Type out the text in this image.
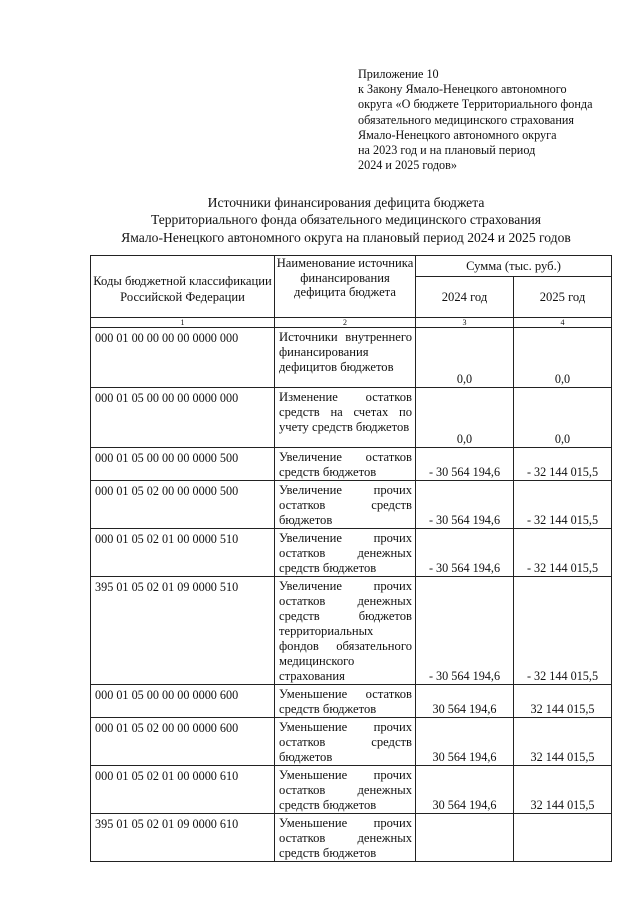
Приложение 10
к Закону Ямало-Ненецкого автономного
округа «О бюджете Территориального фонда
обязательного медицинского страхования
Ямало-Ненецкого автономного округа
на 2023 год и на плановый период
2024 и 2025 годов»
Источники финансирования дефицита бюджета
Территориального фонда обязательного медицинского страхования
Ямало-Ненецкого автономного округа на плановый период 2024 и 2025 годов
Коды бюджетной классификации Российской Федерации	Наименование источника финансирования дефицита бюджета	Сумма (тыс. руб.)	
		2024 год	2025 год
1	2	3	4
000 01 00 00 00 00 0000 000	Источники внутреннего финансирования дефицитов бюджетов	0,0	0,0
000 01 05 00 00 00 0000 000	Изменение остатков средств на счетах по учету средств бюджетов	0,0	0,0
000 01 05 00 00 00 0000 500	Увеличение остатков средств бюджетов	- 30 564 194,6	- 32 144 015,5
000 01 05 02 00 00 0000 500	Увеличение прочих остатков средств бюджетов	- 30 564 194,6	- 32 144 015,5
000 01 05 02 01 00 0000 510	Увеличение прочих остатков денежных средств бюджетов	- 30 564 194,6	- 32 144 015,5
395 01 05 02 01 09 0000 510	Увеличение прочих остатков денежных средств бюджетов территориальных фондов обязательного медицинского страхования	- 30 564 194,6	- 32 144 015,5
000 01 05 00 00 00 0000 600	Уменьшение остатков средств бюджетов	30 564 194,6	32 144 015,5
000 01 05 02 00 00 0000 600	Уменьшение прочих остатков средств бюджетов	30 564 194,6	32 144 015,5
000 01 05 02 01 00 0000 610	Уменьшение прочих остатков денежных средств бюджетов	30 564 194,6	32 144 015,5
395 01 05 02 01 09 0000 610	Уменьшение прочих остатков денежных средств бюджетов		
